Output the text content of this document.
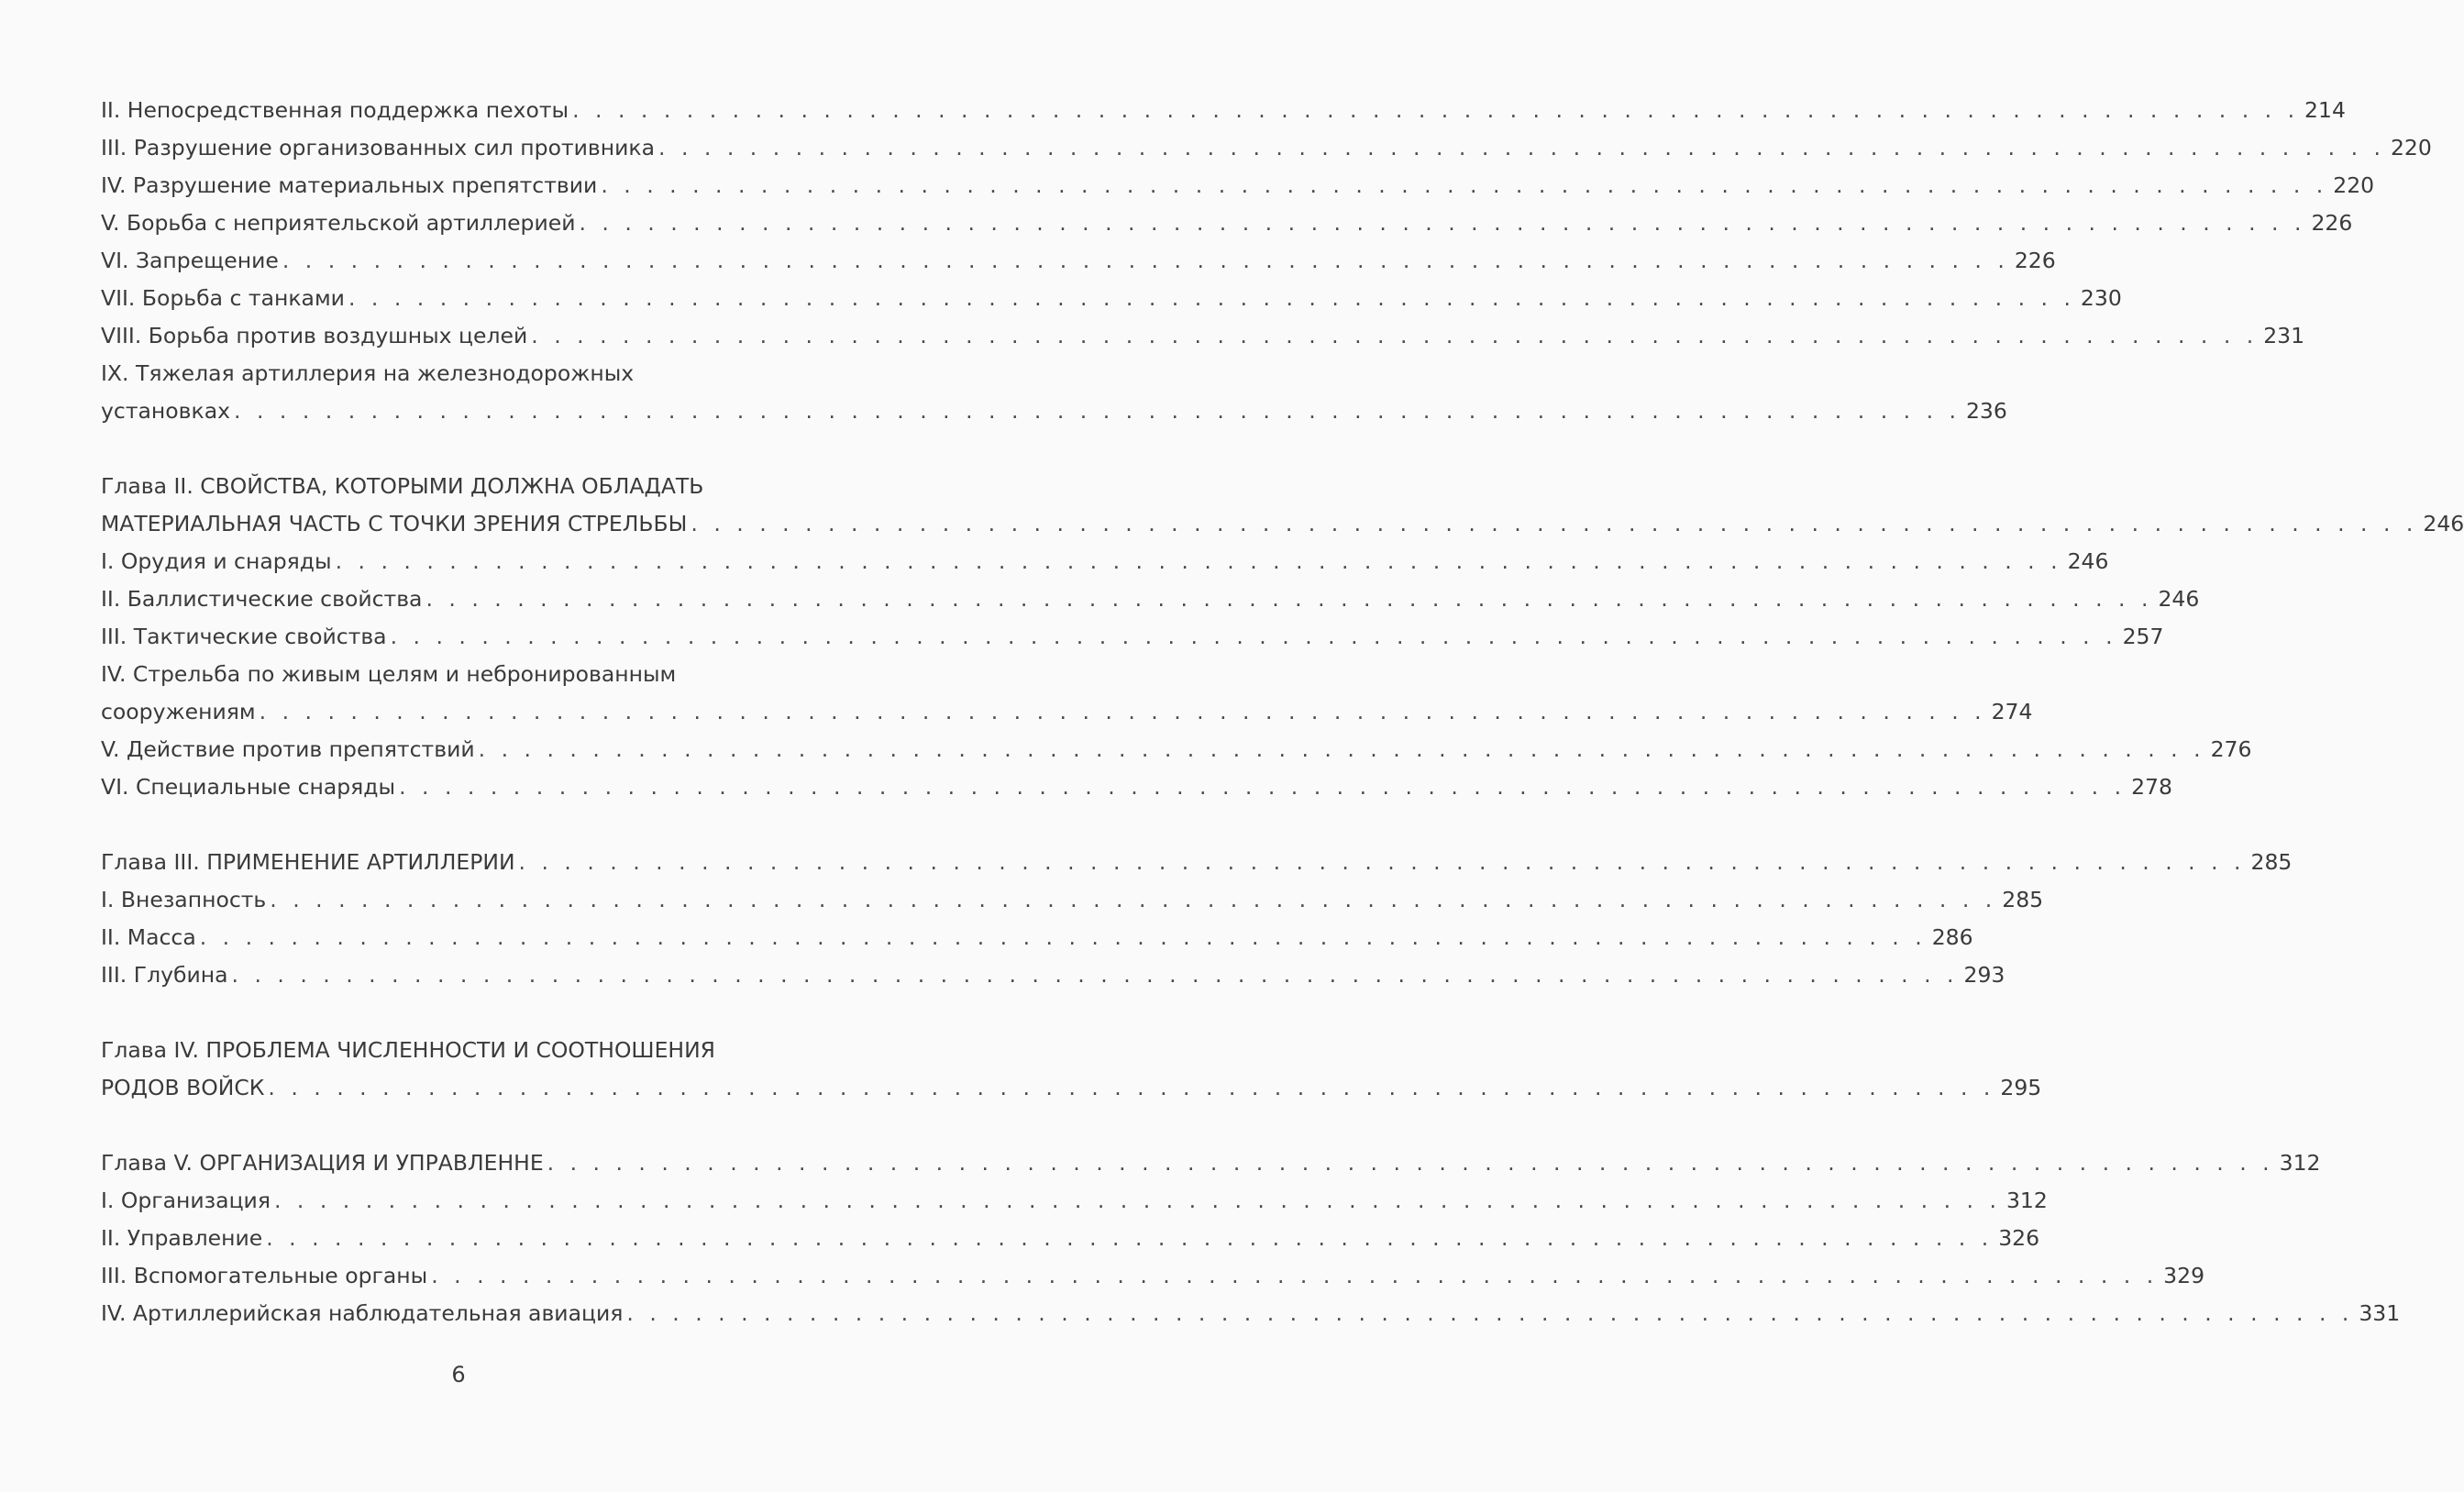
II. Непосредственная поддержка пехоты . . . . . . . . . . . . . . . . . . . . . . . . . . . . . . . . . . . . . . . . . . . . . . . . . . . . . . . . . . . . . . . . . . . . . . . . . . . . 214
III. Разрушение организованных сил противника . . . . . . . . . . . . . . . . . . . . . . . . . . . . . . . . . . . . . . . . . . . . . . . . . . . . . . . . . . . . . . . . . . . . . . . . . . . . 220
IV. Разрушение материальных препятствии . . . . . . . . . . . . . . . . . . . . . . . . . . . . . . . . . . . . . . . . . . . . . . . . . . . . . . . . . . . . . . . . . . . . . . . . . . . . 220
V. Борьба с неприятельской артиллерией . . . . . . . . . . . . . . . . . . . . . . . . . . . . . . . . . . . . . . . . . . . . . . . . . . . . . . . . . . . . . . . . . . . . . . . . . . . . 226
VI. Запрещение . . . . . . . . . . . . . . . . . . . . . . . . . . . . . . . . . . . . . . . . . . . . . . . . . . . . . . . . . . . . . . . . . . . . . . . . . . . . 226
VII. Борьба с танками . . . . . . . . . . . . . . . . . . . . . . . . . . . . . . . . . . . . . . . . . . . . . . . . . . . . . . . . . . . . . . . . . . . . . . . . . . . . 230
VIII. Борьба против воздушных целей . . . . . . . . . . . . . . . . . . . . . . . . . . . . . . . . . . . . . . . . . . . . . . . . . . . . . . . . . . . . . . . . . . . . . . . . . . . . 231
IX. Тяжелая артиллерия на железнодорожных
установках . . . . . . . . . . . . . . . . . . . . . . . . . . . . . . . . . . . . . . . . . . . . . . . . . . . . . . . . . . . . . . . . . . . . . . . . . . . . 236
Глава II. СВОЙСТВА, КОТОРЫМИ ДОЛЖНА ОБЛАДАТЬ
МАТЕРИАЛЬНАЯ ЧАСТЬ С ТОЧКИ ЗРЕНИЯ СТРЕЛЬБЫ . . . . . . . . . . . . . . . . . . . . . . . . . . . . . . . . . . . . . . . . . . . . . . . . . . . . . . . . . . . . . . . . . . . . . . . . . . . . 246
I. Орудия и снаряды . . . . . . . . . . . . . . . . . . . . . . . . . . . . . . . . . . . . . . . . . . . . . . . . . . . . . . . . . . . . . . . . . . . . . . . . . . . . 246
II. Баллистические свойства . . . . . . . . . . . . . . . . . . . . . . . . . . . . . . . . . . . . . . . . . . . . . . . . . . . . . . . . . . . . . . . . . . . . . . . . . . . . 246
III. Тактические свойства . . . . . . . . . . . . . . . . . . . . . . . . . . . . . . . . . . . . . . . . . . . . . . . . . . . . . . . . . . . . . . . . . . . . . . . . . . . . 257
IV. Стрельба по живым целям и небронированным
сооружениям . . . . . . . . . . . . . . . . . . . . . . . . . . . . . . . . . . . . . . . . . . . . . . . . . . . . . . . . . . . . . . . . . . . . . . . . . . . . 274
V. Действие против препятствий . . . . . . . . . . . . . . . . . . . . . . . . . . . . . . . . . . . . . . . . . . . . . . . . . . . . . . . . . . . . . . . . . . . . . . . . . . . . 276
VI. Специальные снаряды . . . . . . . . . . . . . . . . . . . . . . . . . . . . . . . . . . . . . . . . . . . . . . . . . . . . . . . . . . . . . . . . . . . . . . . . . . . . 278
Глава III. ПРИМЕНЕНИЕ АРТИЛЛЕРИИ . . . . . . . . . . . . . . . . . . . . . . . . . . . . . . . . . . . . . . . . . . . . . . . . . . . . . . . . . . . . . . . . . . . . . . . . . . . . 285
I. Внезапность . . . . . . . . . . . . . . . . . . . . . . . . . . . . . . . . . . . . . . . . . . . . . . . . . . . . . . . . . . . . . . . . . . . . . . . . . . . . 285
II. Масса . . . . . . . . . . . . . . . . . . . . . . . . . . . . . . . . . . . . . . . . . . . . . . . . . . . . . . . . . . . . . . . . . . . . . . . . . . . . 286
III. Глубина . . . . . . . . . . . . . . . . . . . . . . . . . . . . . . . . . . . . . . . . . . . . . . . . . . . . . . . . . . . . . . . . . . . . . . . . . . . . 293
Глава IV. ПРОБЛЕМА ЧИСЛЕННОСТИ И СООТНОШЕНИЯ
РОДОВ ВОЙСК . . . . . . . . . . . . . . . . . . . . . . . . . . . . . . . . . . . . . . . . . . . . . . . . . . . . . . . . . . . . . . . . . . . . . . . . . . . . 295
Глава V. ОРГАНИЗАЦИЯ И УПРАВЛЕННЕ . . . . . . . . . . . . . . . . . . . . . . . . . . . . . . . . . . . . . . . . . . . . . . . . . . . . . . . . . . . . . . . . . . . . . . . . . . . . 312
I. Организация . . . . . . . . . . . . . . . . . . . . . . . . . . . . . . . . . . . . . . . . . . . . . . . . . . . . . . . . . . . . . . . . . . . . . . . . . . . . 312
II. Управление . . . . . . . . . . . . . . . . . . . . . . . . . . . . . . . . . . . . . . . . . . . . . . . . . . . . . . . . . . . . . . . . . . . . . . . . . . . . 326
III. Вспомогательные органы . . . . . . . . . . . . . . . . . . . . . . . . . . . . . . . . . . . . . . . . . . . . . . . . . . . . . . . . . . . . . . . . . . . . . . . . . . . . 329
IV. Артиллерийская наблюдательная авиация . . . . . . . . . . . . . . . . . . . . . . . . . . . . . . . . . . . . . . . . . . . . . . . . . . . . . . . . . . . . . . . . . . . . . . . . . . . . 331
6
